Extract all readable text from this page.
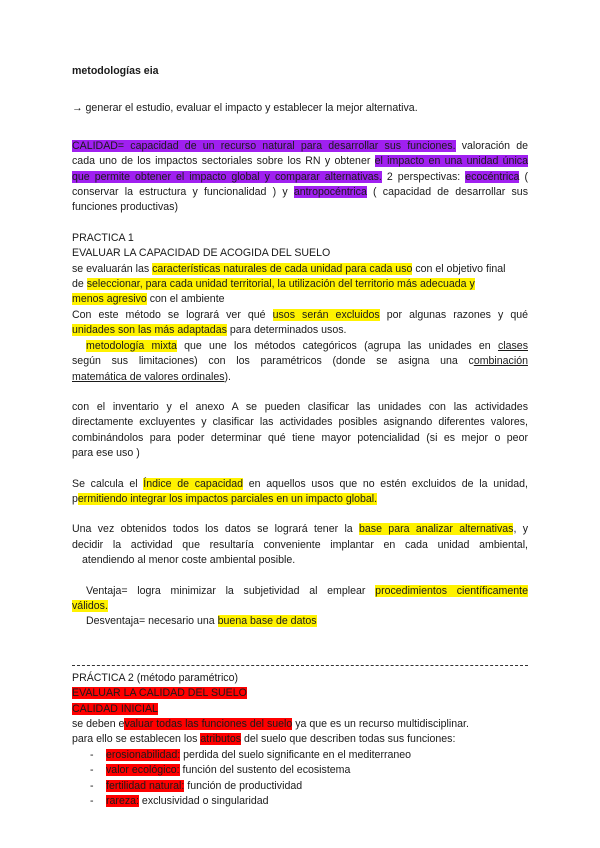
metodologías eia
→ generar el estudio, evaluar el impacto y establecer la mejor alternativa.
CALIDAD= capacidad de un recurso natural para desarrollar sus funciones. valoración de
cada uno de los impactos sectoriales sobre los RN y obtener el impacto en una unidad única
que permite obtener el impacto global y comparar alternativas. 2 perspectivas: ecocéntrica (
conservar la estructura y funcionalidad ) y antropocéntrica ( capacidad de desarrollar sus
funciones productivas)
PRACTICA 1
EVALUAR LA CAPACIDAD DE ACOGIDA DEL SUELO
se evaluarán las características naturales de cada unidad para cada uso con el objetivo final
de seleccionar, para cada unidad territorial, la utilización del territorio más adecuada y
menos agresivo con el ambiente
Con este método se logrará ver qué usos serán excluidos por algunas razones y qué
unidades son las más adaptadas para determinados usos.
metodología mixta que une los métodos categóricos (agrupa las unidades en clases
según sus limitaciones) con los paramétricos (donde se asigna una combinación
matemática de valores ordinales).
con el inventario y el anexo A se pueden clasificar las unidades con las actividades
directamente excluyentes y clasificar las actividades posibles asignando diferentes valores,
combinándolos para poder determinar qué tiene mayor potencialidad (si es mejor o peor
para ese uso )
Se calcula el Índice de capacidad en aquellos usos que no estén excluidos de la unidad,
permitiendo integrar los impactos parciales en un impacto global.
Una vez obtenidos todos los datos se logrará tener la base para analizar alternativas, y
decidir la actividad que resultaría conveniente implantar en cada unidad ambiental,
atendiendo al menor coste ambiental posible.
Ventaja= logra minimizar la subjetividad al emplear procedimientos científicamente
válidos.
Desventaja= necesario una buena base de datos
PRÁCTICA 2 (método paramétrico)
EVALUAR LA CALIDAD DEL SUELO
CALIDAD INICIAL
se deben evaluar todas las funciones del suelo ya que es un recurso multidisciplinar.
para ello se establecen los atributos del suelo que describen todas sus funciones:
-	erosionabilidad: perdida del suelo significante en el mediterraneo
-	valor ecológico: función del sustento del ecosistema
-	fertilidad natural: función de productividad
-	rareza: exclusividad o singularidad
